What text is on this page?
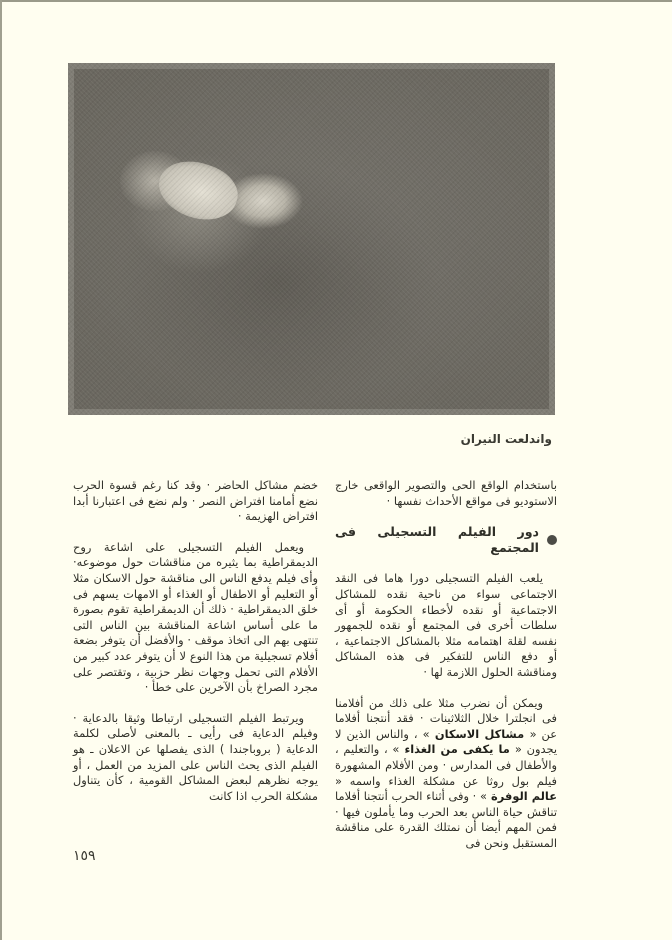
واندلعت النيران

باستخدام الواقع الحى والتصوير الواقعى خارج الاستوديو فى مواقع الأحداث نفسها ·

دور الفيلم التسجيلى فى المجتمع

يلعب الفيلم التسجيلى دورا هاما فى النقد الاجتماعى سواء من ناحية نقده للمشاكل الاجتماعية أو نقده لأخطاء الحكومة أو أى سلطات أخرى فى المجتمع أو نقده للجمهور نفسه لقلة اهتمامه مثلا بالمشاكل الاجتماعية ، أو دفع الناس للتفكير فى هذه المشاكل ومناقشة الحلول اللازمة لها ·

ويمكن أن نضرب مثلا على ذلك من أفلامنا فى انجلترا خلال الثلاثينات · فقد أنتجنا أفلاما عن « مشاكل الاسكان » ، والناس الذين لا يجدون « ما يكفى من الغذاء » ، والتعليم ، والأطفال فى المدارس · ومن الأفلام المشهورة فيلم بول روثا عن مشكلة الغذاء واسمه « عالم الوفرة » · وفى أثناء الحرب أنتجنا أفلاما تناقش حياة الناس بعد الحرب وما يأملون فيها · فمن المهم أيضا أن نمتلك القدرة على مناقشة المستقبل ونحن فى

خضم مشاكل الحاضر · وقد كنا رغم قسوة الحرب نضع أمامنا افتراض النصر · ولم نضع فى اعتبارنا أبدا افتراض الهزيمة ·

ويعمل الفيلم التسجيلى على اشاعة روح الديمقراطية بما يثيره من مناقشات حول موضوعه· وأى فيلم يدفع الناس الى مناقشة حول الاسكان مثلا أو التعليم أو الاطفال أو الغذاء أو الامهات يسهم فى خلق الديمقراطية · ذلك أن الديمقراطية تقوم بصورة ما على أساس اشاعة المناقشة بين الناس التى تنتهى بهم الى اتخاذ موقف · والأفضل أن يتوفر بضعة أفلام تسجيلية من هذا النوع لا أن يتوفر عدد كبير من الأفلام التى تحمل وجهات نظر حزبية ، وتقتصر على مجرد الصراخ بأن الآخرين على خطأ ·

ويرتبط الفيلم التسجيلى ارتباطا وثيقا بالدعاية · وفيلم الدعاية فى رأيى ـ بالمعنى لأصلى لكلمة الدعاية ( بروباجندا ) الذى يفصلها عن الاعلان ـ هو الفيلم الذى يحث الناس على المزيد من العمل ، أو يوجه نظرهم لبعض المشاكل القومية ، كأن يتناول مشكلة الحرب اذا كانت

١٥٩
